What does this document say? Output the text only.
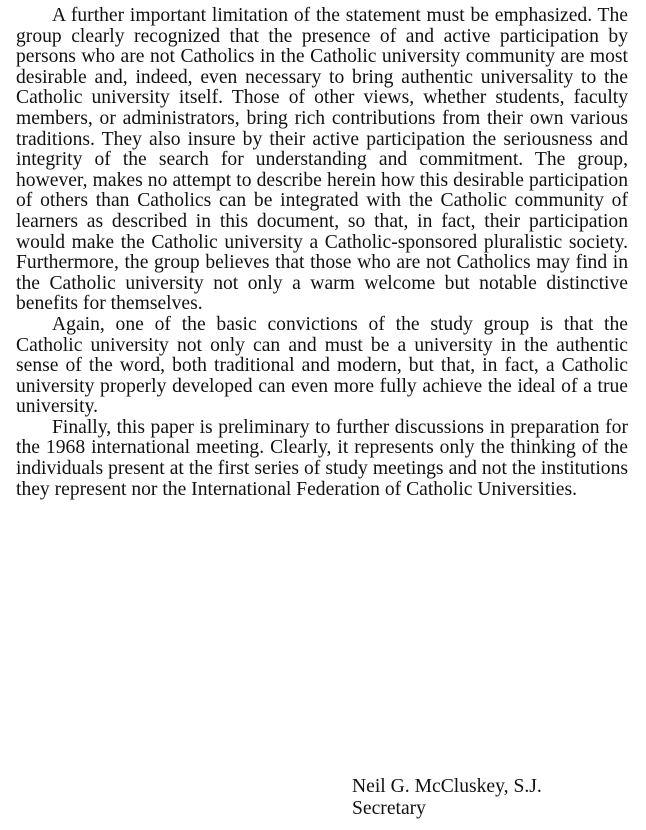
A further important limitation of the statement must be emphasized. The group clearly recognized that the presence of and active participation by persons who are not Catholics in the Catholic university community are most desirable and, indeed, even necessary to bring authentic universality to the Catholic university itself. Those of other views, whether students, faculty members, or administrators, bring rich contributions from their own various traditions. They also insure by their active participation the seriousness and integrity of the search for understanding and commitment. The group, however, makes no attempt to describe herein how this desirable participation of others than Catholics can be integrated with the Catholic community of learners as described in this document, so that, in fact, their participation would make the Catholic university a Catholic-sponsored pluralistic society. Furthermore, the group believes that those who are not Catholics may find in the Catholic university not only a warm welcome but notable distinctive benefits for themselves.

Again, one of the basic convictions of the study group is that the Catholic university not only can and must be a university in the authentic sense of the word, both traditional and modern, but that, in fact, a Catholic university properly developed can even more fully achieve the ideal of a true university.

Finally, this paper is preliminary to further discussions in preparation for the 1968 international meeting. Clearly, it represents only the thinking of the individuals present at the first series of study meetings and not the institutions they represent nor the International Federation of Catholic Universities.

Neil G. McCluskey, S.J.
Secretary
